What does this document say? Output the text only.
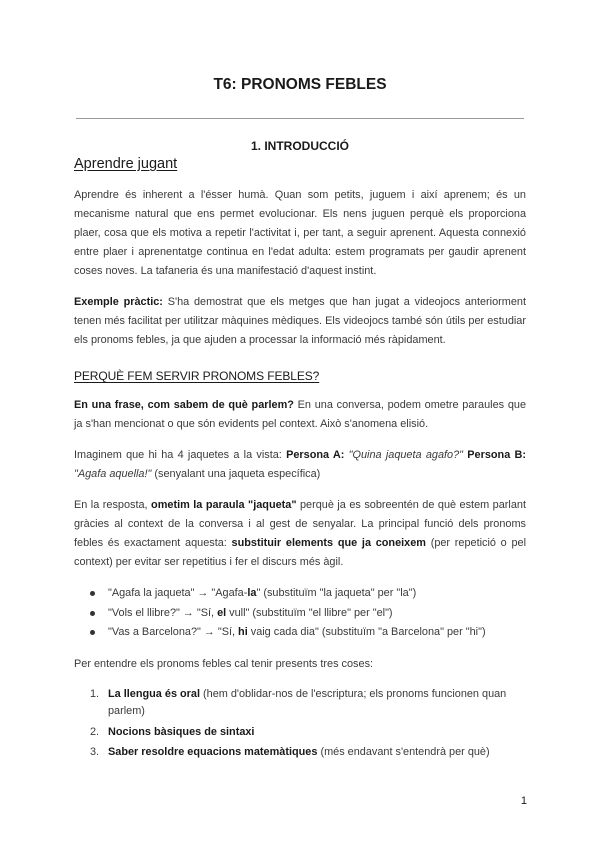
T6: PRONOMS FEBLES
1. INTRODUCCIÓ
Aprendre jugant

Aprendre és inherent a l'ésser humà. Quan som petits, juguem i així aprenem; és un mecanisme natural que ens permet evolucionar. Els nens juguen perquè els proporciona plaer, cosa que els motiva a repetir l'activitat i, per tant, a seguir aprenent. Aquesta connexió entre plaer i aprenentatge continua en l'edat adulta: estem programats per gaudir aprenent coses noves. La tafaneria és una manifestació d'aquest instint.

Exemple pràctic: S'ha demostrat que els metges que han jugat a videojocs anteriorment tenen més facilitat per utilitzar màquines mèdiques. Els videojocs també són útils per estudiar els pronoms febles, ja que ajuden a processar la informació més ràpidament.

PERQUÈ FEM SERVIR PRONOMS FEBLES?

En una frase, com sabem de què parlem? En una conversa, podem ometre paraules que ja s'han mencionat o que són evidents pel context. Això s'anomena elisió.

Imaginem que hi ha 4 jaquetes a la vista: Persona A: "Quina jaqueta agafo?" Persona B: "Agafa aquella!" (senyalant una jaqueta específica)

En la resposta, ometim la paraula "jaqueta" perquè ja es sobreentén de què estem parlant gràcies al context de la conversa i al gest de senyalar. La principal funció dels pronoms febles és exactament aquesta: substituir elements que ja coneixem (per repetició o pel context) per evitar ser repetitius i fer el discurs més àgil.

"Agafa la jaqueta" → "Agafa-la" (substituïm "la jaqueta" per "la")
"Vols el llibre?" → "Sí, el vull" (substituïm "el llibre" per "el")
"Vas a Barcelona?" → "Sí, hi vaig cada dia" (substituïm "a Barcelona" per "hi")

Per entendre els pronoms febles cal tenir presents tres coses:

1. La llengua és oral (hem d'oblidar-nos de l'escriptura; els pronoms funcionen quan parlem)
2. Nocions bàsiques de sintaxi
3. Saber resoldre equacions matemàtiques (més endavant s'entendrà per què)
1
